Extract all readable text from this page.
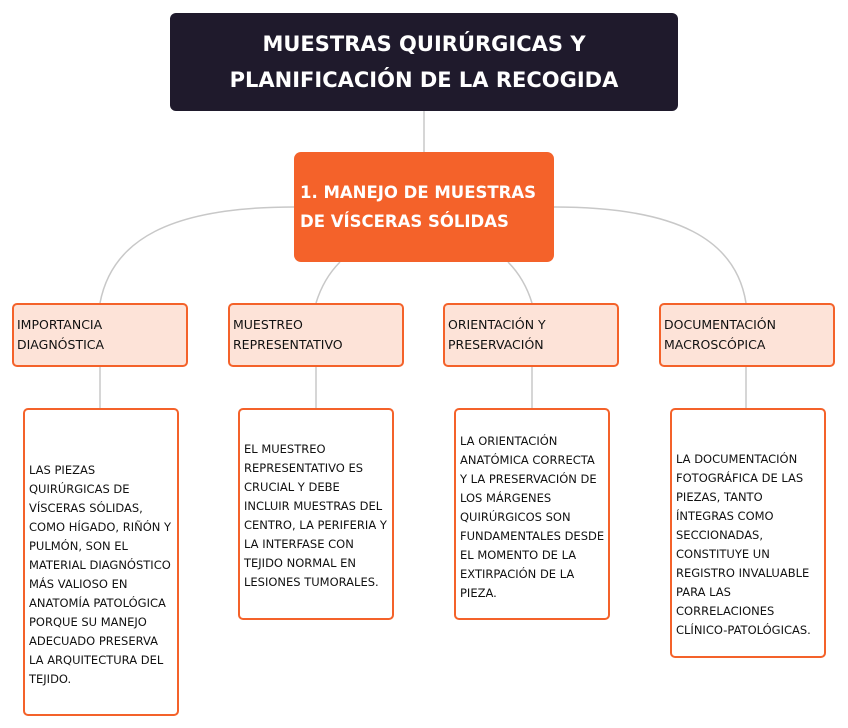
MUESTRAS QUIRÚRGICAS Y PLANIFICACIÓN DE LA RECOGIDA
1. MANEJO DE MUESTRAS DE VÍSCERAS SÓLIDAS
IMPORTANCIA DIAGNÓSTICA
LAS PIEZAS QUIRÚRGICAS DE VÍSCERAS SÓLIDAS, COMO HÍGADO, RIÑÓN Y PULMÓN, SON EL MATERIAL DIAGNÓSTICO MÁS VALIOSO EN ANATOMÍA PATOLÓGICA PORQUE SU MANEJO ADECUADO PRESERVA LA ARQUITECTURA DEL TEJIDO.
MUESTREO REPRESENTATIVO
EL MUESTREO REPRESENTATIVO ES CRUCIAL Y DEBE INCLUIR MUESTRAS DEL CENTRO, LA PERIFERIA Y LA INTERFASE CON TEJIDO NORMAL EN LESIONES TUMORALES.
ORIENTACIÓN Y PRESERVACIÓN
LA ORIENTACIÓN ANATÓMICA CORRECTA Y LA PRESERVACIÓN DE LOS MÁRGENES QUIRÚRGICOS SON FUNDAMENTALES DESDE EL MOMENTO DE LA EXTIRPACIÓN DE LA PIEZA.
DOCUMENTACIÓN MACROSCÓPICA
LA DOCUMENTACIÓN FOTOGRÁFICA DE LAS PIEZAS, TANTO ÍNTEGRAS COMO SECCIONADAS, CONSTITUYE UN REGISTRO INVALUABLE PARA LAS CORRELACIONES CLÍNICO-PATOLÓGICAS.
